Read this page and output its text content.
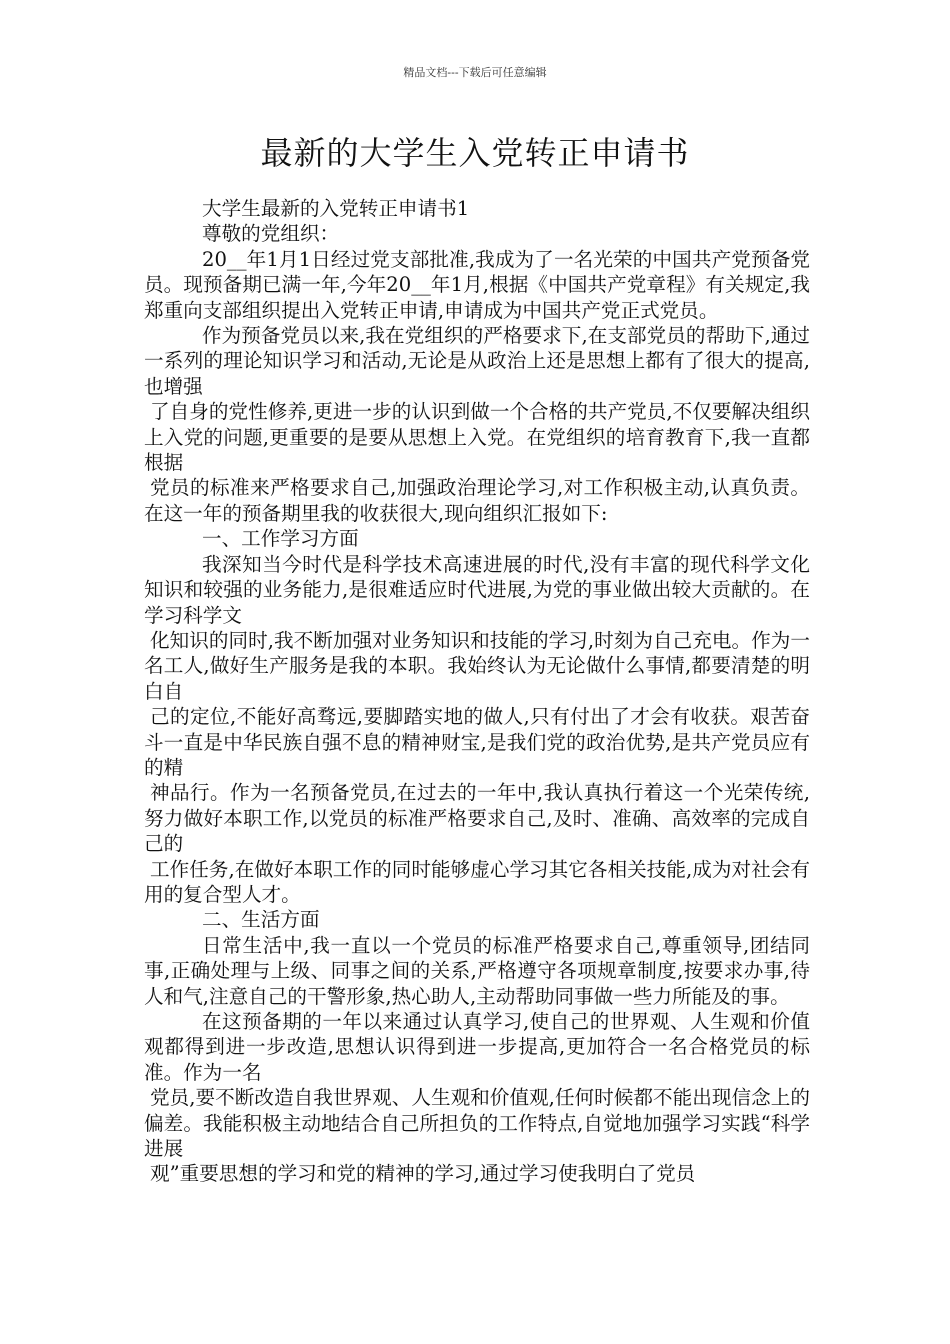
精品文档---下载后可任意编辑
最新的大学生入党转正申请书

大学生最新的入党转正申请书1

尊敬的党组织：

20__年1月1日经过党支部批准,我成为了一名光荣的中国共产党预备党员。现预备期已满一年,今年20__年1月,根据《中国共产党章程》有关规定,我郑重向支部组织提出入党转正申请,申请成为中国共产党正式党员。

作为预备党员以来,我在党组织的严格要求下,在支部党员的帮助下,通过一系列的理论知识学习和活动,无论是从政治上还是思想上都有了很大的提高,也增强

了自身的党性修养,更进一步的认识到做一个合格的共产党员,不仅要解决组织上入党的问题,更重要的是要从思想上入党。在党组织的培育教育下,我一直都根据

党员的标准来严格要求自己,加强政治理论学习,对工作积极主动,认真负责。在这一年的预备期里我的收获很大,现向组织汇报如下:

一、工作学习方面

我深知当今时代是科学技术高速进展的时代,没有丰富的现代科学文化知识和较强的业务能力,是很难适应时代进展,为党的事业做出较大贡献的。在学习科学文

化知识的同时,我不断加强对业务知识和技能的学习,时刻为自己充电。作为一名工人,做好生产服务是我的本职。我始终认为无论做什么事情,都要清楚的明白自

己的定位,不能好高骛远,要脚踏实地的做人,只有付出了才会有收获。艰苦奋斗一直是中华民族自强不息的精神财宝,是我们党的政治优势,是共产党员应有的精

神品行。作为一名预备党员,在过去的一年中,我认真执行着这一个光荣传统,努力做好本职工作,以党员的标准严格要求自己,及时、准确、高效率的完成自己的

工作任务,在做好本职工作的同时能够虚心学习其它各相关技能,成为对社会有用的复合型人才。

二、生活方面

日常生活中,我一直以一个党员的标准严格要求自己,尊重领导,团结同事,正确处理与上级、同事之间的关系,严格遵守各项规章制度,按要求办事,待人和气,注意自己的干警形象,热心助人,主动帮助同事做一些力所能及的事。

在这预备期的一年以来通过认真学习,使自己的世界观、人生观和价值观都得到进一步改造,思想认识得到进一步提高,更加符合一名合格党员的标准。作为一名

党员,要不断改造自我世界观、人生观和价值观,任何时候都不能出现信念上的偏差。我能积极主动地结合自己所担负的工作特点,自觉地加强学习实践“科学进展

观”重要思想的学习和党的精神的学习,通过学习使我明白了党员
